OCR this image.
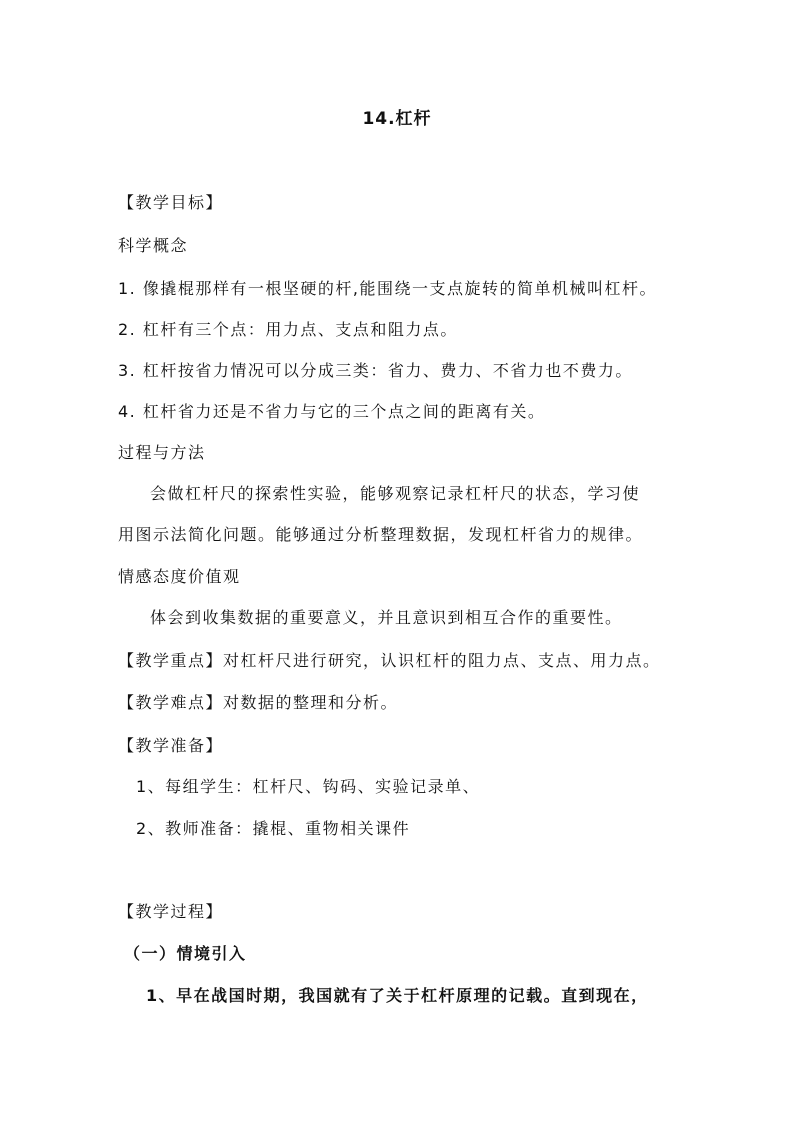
14.杠杆
【教学目标】
科学概念
1. 像撬棍那样有一根坚硬的杆,能围绕一支点旋转的简单机械叫杠杆。
2. 杠杆有三个点：用力点、支点和阻力点。
3. 杠杆按省力情况可以分成三类：省力、费力、不省力也不费力。
4. 杠杆省力还是不省力与它的三个点之间的距离有关。
过程与方法
会做杠杆尺的探索性实验，能够观察记录杠杆尺的状态，学习使
用图示法简化问题。能够通过分析整理数据，发现杠杆省力的规律。
情感态度价值观
体会到收集数据的重要意义，并且意识到相互合作的重要性。
【教学重点】对杠杆尺进行研究，认识杠杆的阻力点、支点、用力点。
【教学难点】对数据的整理和分析。
【教学准备】
1、每组学生：杠杆尺、钩码、实验记录单、
2、教师准备：撬棍、重物相关课件
【教学过程】
（一）情境引入
1、早在战国时期，我国就有了关于杠杆原理的记载。直到现在，
